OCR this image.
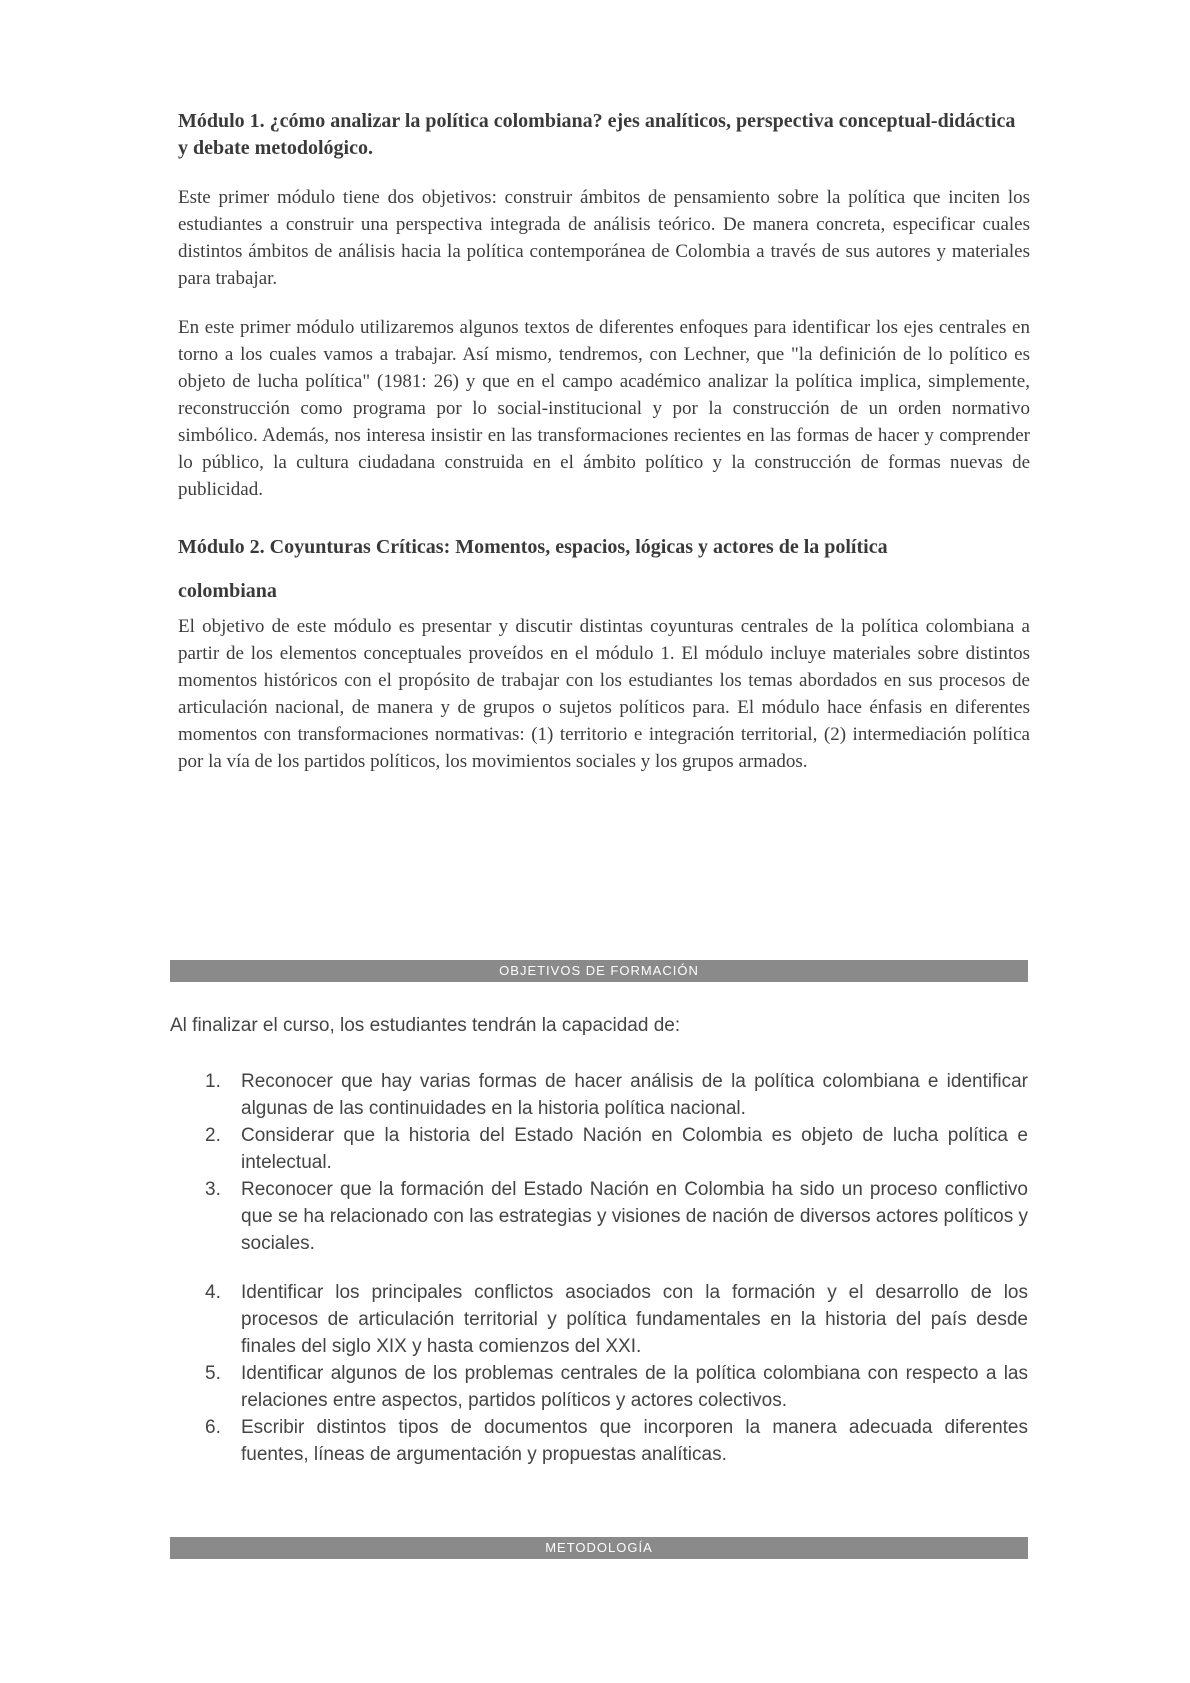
Módulo 1. ¿cómo analizar la política colombiana? ejes analíticos, perspectiva conceptual-didáctica y debate metodológico.
Este primer módulo tiene dos objetivos: construir ámbitos de pensamiento sobre la política que inciten los estudiantes a construir una perspectiva integrada de análisis teórico. De manera concreta, especificar cuales distintos ámbitos de análisis hacia la política contemporánea de Colombia a través de sus autores y materiales para trabajar.
En este primer módulo utilizaremos algunos textos de diferentes enfoques para identificar los ejes centrales en torno a los cuales vamos a trabajar. Así mismo, tendremos, con Lechner, que "la definición de lo político es objeto de lucha política" (1981: 26) y que en el campo académico analizar la política implica, simplemente, reconstrucción como programa por lo social-institucional y por la construcción de un orden normativo simbólico. Además, nos interesa insistir en las transformaciones recientes en las formas de hacer y comprender lo público, la cultura ciudadana construida en el ámbito político y la construcción de formas nuevas de publicidad.
Módulo 2. Coyunturas Críticas: Momentos, espacios, lógicas y actores de la política colombiana
El objetivo de este módulo es presentar y discutir distintas coyunturas centrales de la política colombiana a partir de los elementos conceptuales proveídos en el módulo 1. El módulo incluye materiales sobre distintos momentos históricos con el propósito de trabajar con los estudiantes los temas abordados en sus procesos de articulación nacional, de manera y de grupos o sujetos políticos para. El módulo hace énfasis en diferentes momentos con transformaciones normativas: (1) territorio e integración territorial, (2) intermediación política por la vía de los partidos políticos, los movimientos sociales y los grupos armados.
OBJETIVOS DE FORMACIÓN
Al finalizar el curso, los estudiantes tendrán la capacidad de:
1.	Reconocer que hay varias formas de hacer análisis de la política colombiana e identificar algunas de las continuidades en la historia política nacional.
2.	Considerar que la historia del Estado Nación en Colombia es objeto de lucha política e intelectual.
3.	Reconocer que la formación del Estado Nación en Colombia ha sido un proceso conflictivo que se ha relacionado con las estrategias y visiones de nación de diversos actores políticos y sociales.
4.	Identificar los principales conflictos asociados con la formación y el desarrollo de los procesos de articulación territorial y política fundamentales en la historia del país desde finales del siglo XIX y hasta comienzos del XXI.
5.	Identificar algunos de los problemas centrales de la política colombiana con respecto a las relaciones entre aspectos, partidos políticos y actores colectivos.
6.	Escribir distintos tipos de documentos que incorporen la manera adecuada diferentes fuentes, líneas de argumentación y propuestas analíticas.
METODOLOGÍA
